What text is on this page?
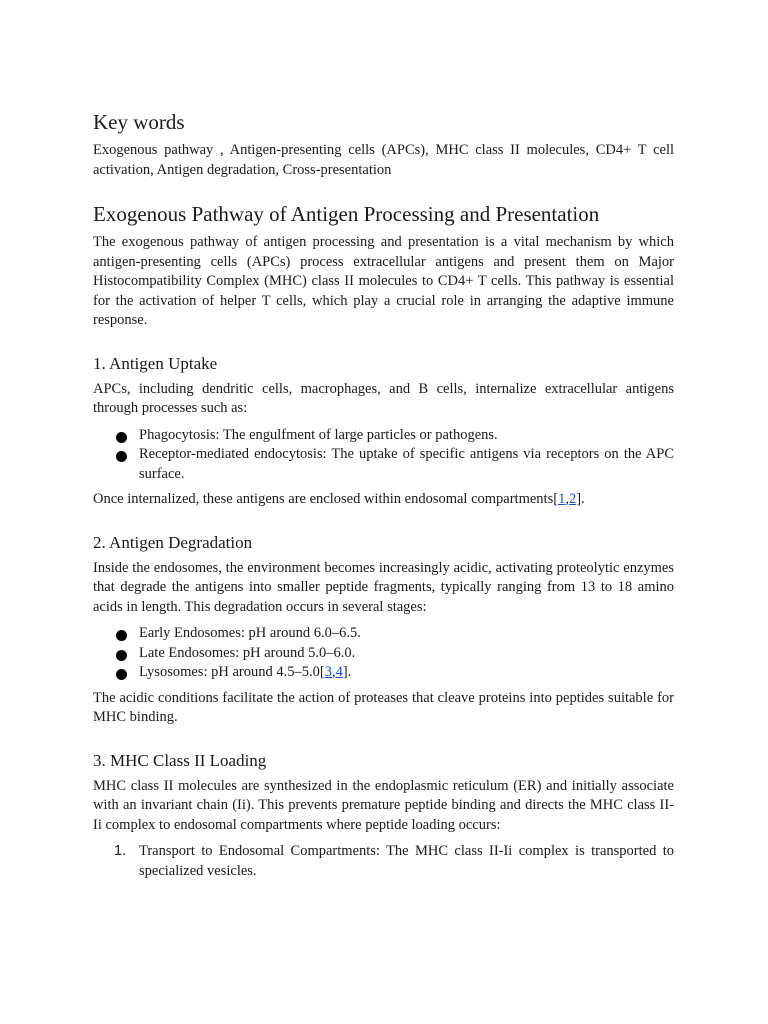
Key words

Exogenous pathway , Antigen-presenting cells (APCs), MHC class II molecules, CD4+ T cell activation, Antigen degradation, Cross-presentation

Exogenous Pathway of Antigen Processing and Presentation

The exogenous pathway of antigen processing and presentation is a vital mechanism by which antigen-presenting cells (APCs) process extracellular antigens and present them on Major Histocompatibility Complex (MHC) class II molecules to CD4+ T cells. This pathway is essential for the activation of helper T cells, which play a crucial role in arranging the adaptive immune response.

1. Antigen Uptake

APCs, including dendritic cells, macrophages, and B cells, internalize extracellular antigens through processes such as:

Phagocytosis: The engulfment of large particles or pathogens.
Receptor-mediated endocytosis: The uptake of specific antigens via receptors on the APC surface.

Once internalized, these antigens are enclosed within endosomal compartments[1,2].

2. Antigen Degradation

Inside the endosomes, the environment becomes increasingly acidic, activating proteolytic enzymes that degrade the antigens into smaller peptide fragments, typically ranging from 13 to 18 amino acids in length. This degradation occurs in several stages:

Early Endosomes: pH around 6.0–6.5.
Late Endosomes: pH around 5.0–6.0.
Lysosomes: pH around 4.5–5.0[3,4].

The acidic conditions facilitate the action of proteases that cleave proteins into peptides suitable for MHC binding.

3. MHC Class II Loading

MHC class II molecules are synthesized in the endoplasmic reticulum (ER) and initially associate with an invariant chain (Ii). This prevents premature peptide binding and directs the MHC class II-Ii complex to endosomal compartments where peptide loading occurs:

1. Transport to Endosomal Compartments: The MHC class II-Ii complex is transported to specialized vesicles.
